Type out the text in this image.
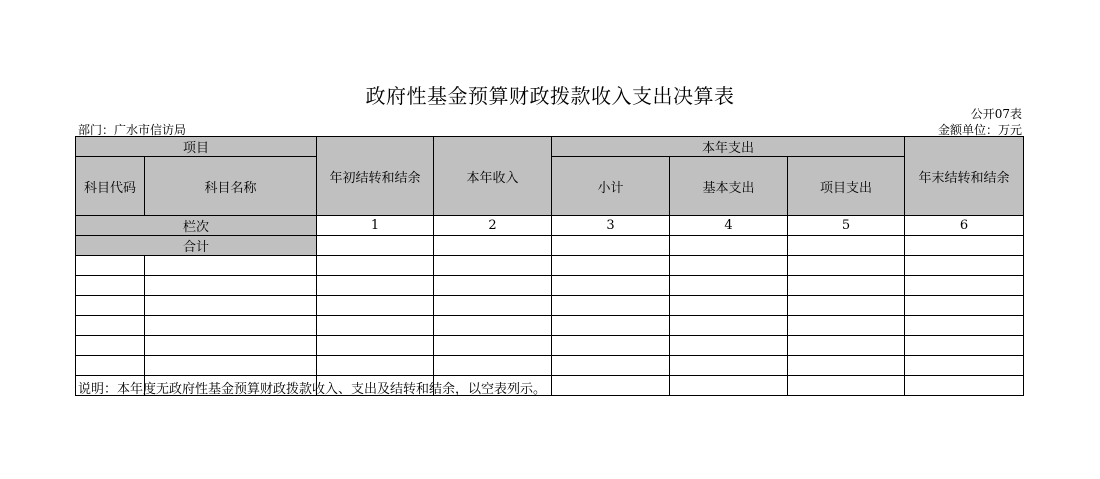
政府性基金预算财政拨款收入支出决算表
公开07表
部门：广水市信访局	金额单位：万元
项目		年初结转和结余	本年收入	本年支出			年末结转和结余
科目代码	科目名称			小计	基本支出	项目支出	
栏次		1	2	3	4	5	6
合计							

说明：本年度无政府性基金预算财政拨款收入、支出及结转和结余，以空表列示。
